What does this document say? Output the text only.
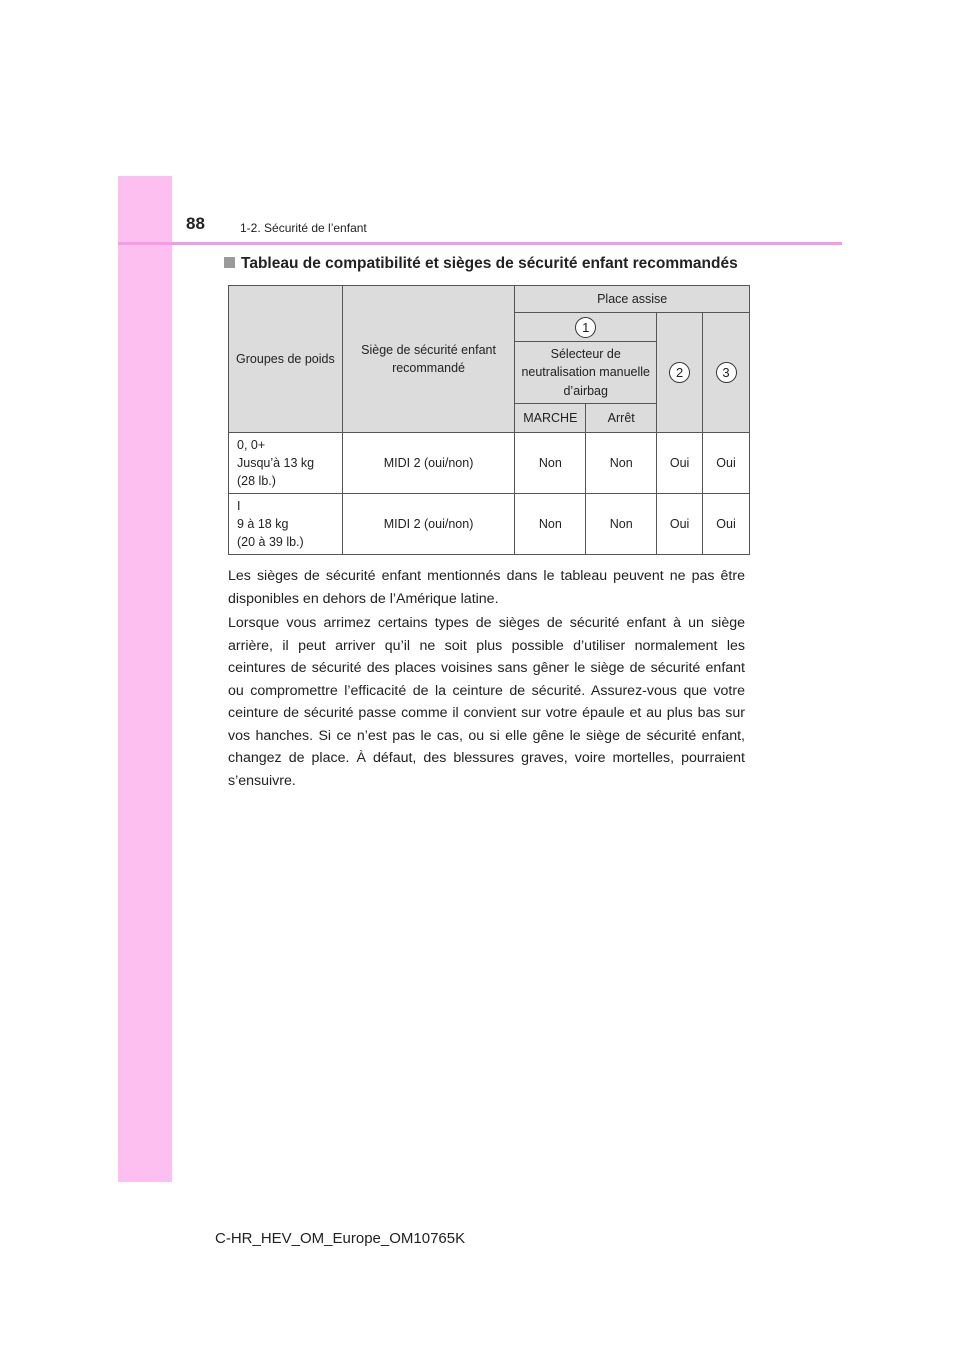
88	1-2. Sécurité de l’enfant
Tableau de compatibilité et sièges de sécurité enfant recommandés
Groupes de poids	Siège de sécurité enfant recommandé	Place assise			
		1		2	3
		Sélecteur de neutralisation manuelle d’airbag			
		MARCHE	Arrêt		
0, 0+
Jusqu’à 13 kg
(28 lb.)	MIDI 2 (oui/non)	Non	Non	Oui	Oui
I
9 à 18 kg
(20 à 39 lb.)	MIDI 2 (oui/non)	Non	Non	Oui	Oui

Les sièges de sécurité enfant mentionnés dans le tableau peuvent ne pas être disponibles en dehors de l’Amérique latine.

Lorsque vous arrimez certains types de sièges de sécurité enfant à un siège arrière, il peut arriver qu’il ne soit plus possible d’utiliser normalement les ceintures de sécurité des places voisines sans gêner le siège de sécurité enfant ou compromettre l’efficacité de la ceinture de sécurité. Assurez-vous que votre ceinture de sécurité passe comme il convient sur votre épaule et au plus bas sur vos hanches. Si ce n’est pas le cas, ou si elle gêne le siège de sécurité enfant, changez de place. À défaut, des blessures graves, voire mortelles, pourraient s’ensuivre.

C-HR_HEV_OM_Europe_OM10765K
